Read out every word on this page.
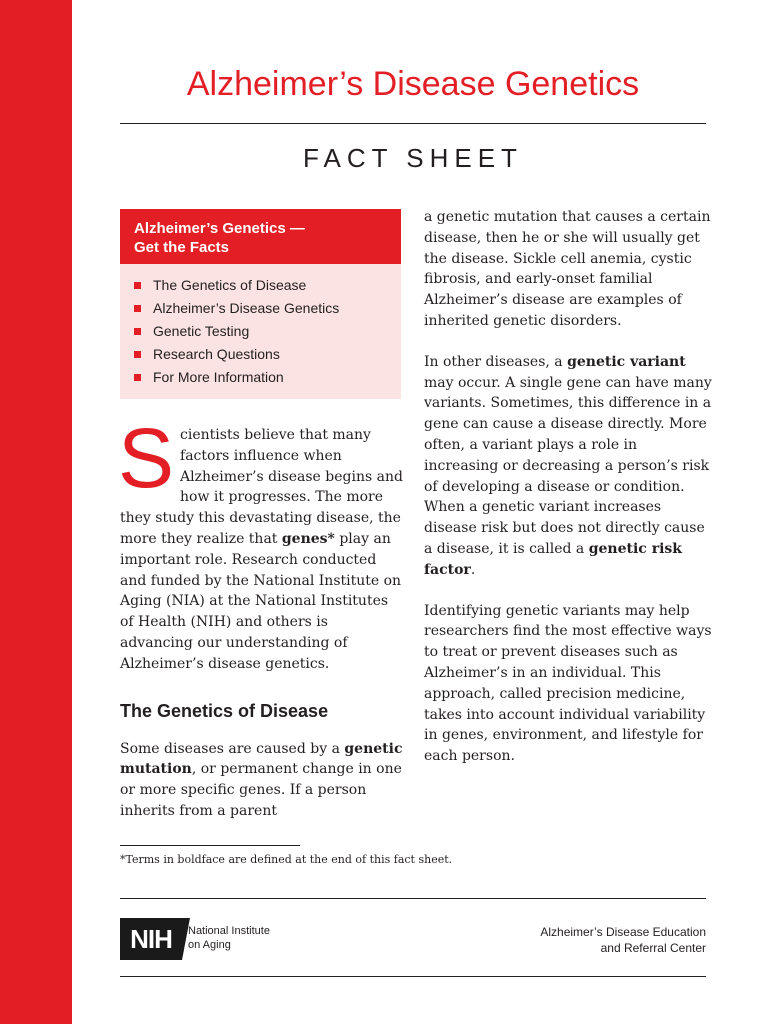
Alzheimer’s Disease Genetics
FACT SHEET
Alzheimer’s Genetics —
Get the Facts
The Genetics of Disease
Alzheimer’s Disease Genetics
Genetic Testing
Research Questions
For More Information

Scientists believe that many factors influence when Alzheimer’s disease begins and how it progresses. The more they study this devastating disease, the more they realize that genes* play an important role. Research conducted and funded by the National Institute on Aging (NIA) at the National Institutes of Health (NIH) and others is advancing our understanding of Alzheimer’s disease genetics.

The Genetics of Disease

Some diseases are caused by a genetic mutation, or permanent change in one or more specific genes. If a person inherits from a parent

a genetic mutation that causes a certain disease, then he or she will usually get the disease. Sickle cell anemia, cystic fibrosis, and early-onset familial Alzheimer’s disease are examples of inherited genetic disorders.

In other diseases, a genetic variant may occur. A single gene can have many variants. Sometimes, this difference in a gene can cause a disease directly. More often, a variant plays a role in increasing or decreasing a person’s risk of developing a disease or condition. When a genetic variant increases disease risk but does not directly cause a disease, it is called a genetic risk factor.

Identifying genetic variants may help researchers find the most effective ways to treat or prevent diseases such as Alzheimer’s in an individual. This approach, called precision medicine, takes into account individual variability in genes, environment, and lifestyle for each person.

*Terms in boldface are defined at the end of this fact sheet.
NIH	National Institute
on Aging
Alzheimer’s Disease Education
and Referral Center
